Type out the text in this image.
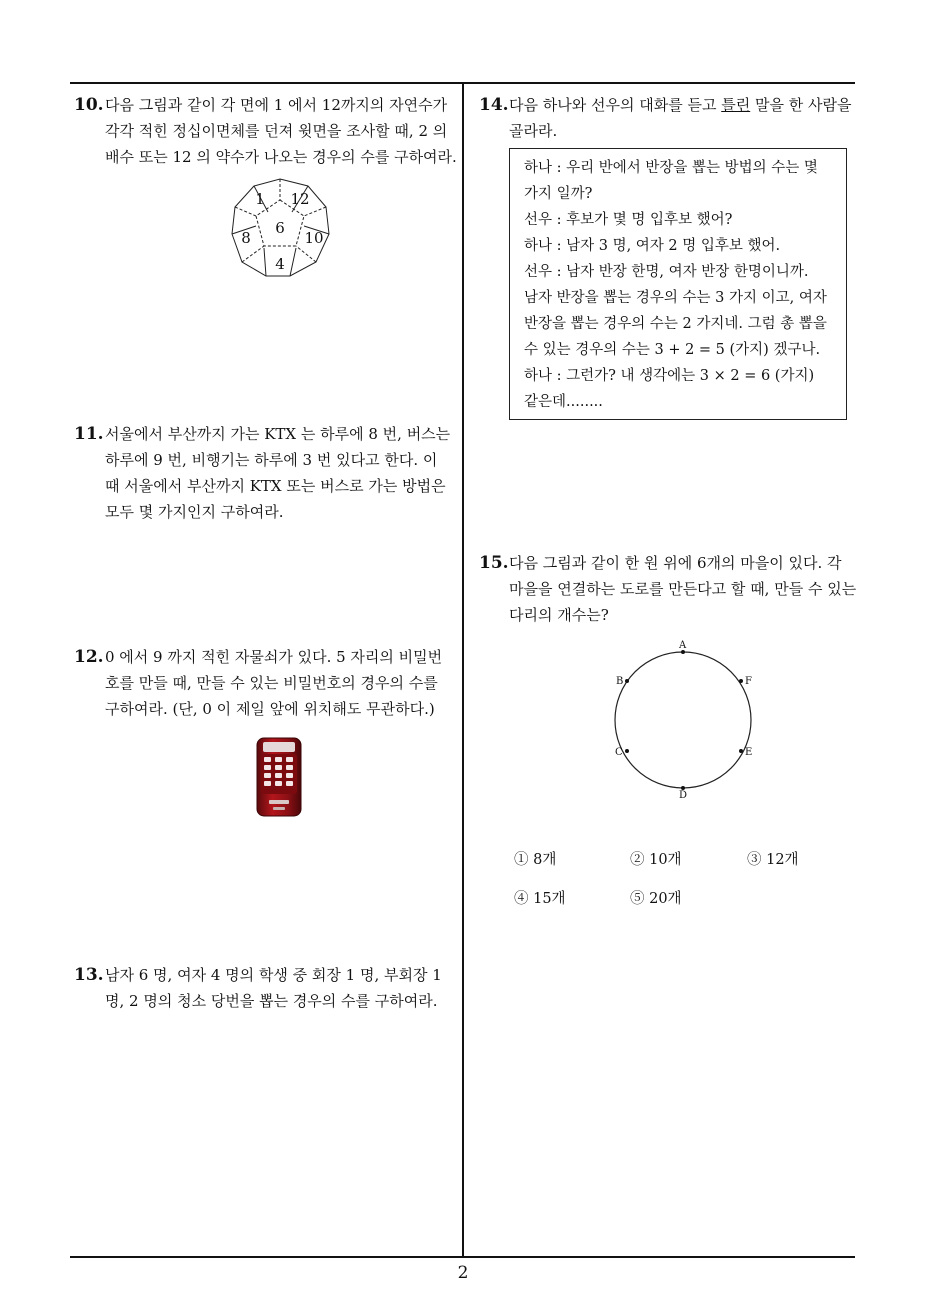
10. 다음 그림과 같이 각 면에 1 에서 12까지의 자연수가
각각 적힌 정십이면체를 던져 윗면을 조사할 때, 2 의
배수 또는 12 의 약수가 나오는 경우의 수를 구하여라.
1 12
6
8	10
4
11. 서울에서 부산까지 가는 KTX 는 하루에 8 번, 버스는
하루에 9 번, 비행기는 하루에 3 번 있다고 한다. 이
때 서울에서 부산까지 KTX 또는 버스로 가는 방법은
모두 몇 가지인지 구하여라.
12. 0 에서 9 까지 적힌 자물쇠가 있다. 5 자리의 비밀번
호를 만들 때, 만들 수 있는 비밀번호의 경우의 수를
구하여라. (단, 0 이 제일 앞에 위치해도 무관하다.)
13. 남자 6 명, 여자 4 명의 학생 중 회장 1 명, 부회장 1
명, 2 명의 청소 당번을 뽑는 경우의 수를 구하여라.
14. 다음 하나와 선우의 대화를 듣고 틀린 말을 한 사람을
골라라.
하나 : 우리 반에서 반장을 뽑는 방법의 수는 몇
가지 일까?
선우 : 후보가 몇 명 입후보 했어?
하나 : 남자 3 명, 여자 2 명 입후보 했어.
선우 : 남자 반장 한명, 여자 반장 한명이니까.
남자 반장을 뽑는 경우의 수는 3 가지 이고, 여자
반장을 뽑는 경우의 수는 2 가지네. 그럼 총 뽑을
수 있는 경우의 수는 3 + 2 = 5 (가지) 겠구나.
하나 : 그런가? 내 생각에는 3 × 2 = 6 (가지)
같은데........
15. 다음 그림과 같이 한 원 위에 6개의 마을이 있다. 각
마을을 연결하는 도로를 만든다고 할 때, 만들 수 있는
다리의 개수는?
A
B
C
D
E
F
① 8개	② 10개	③ 12개
④ 15개	⑤ 20개
2
